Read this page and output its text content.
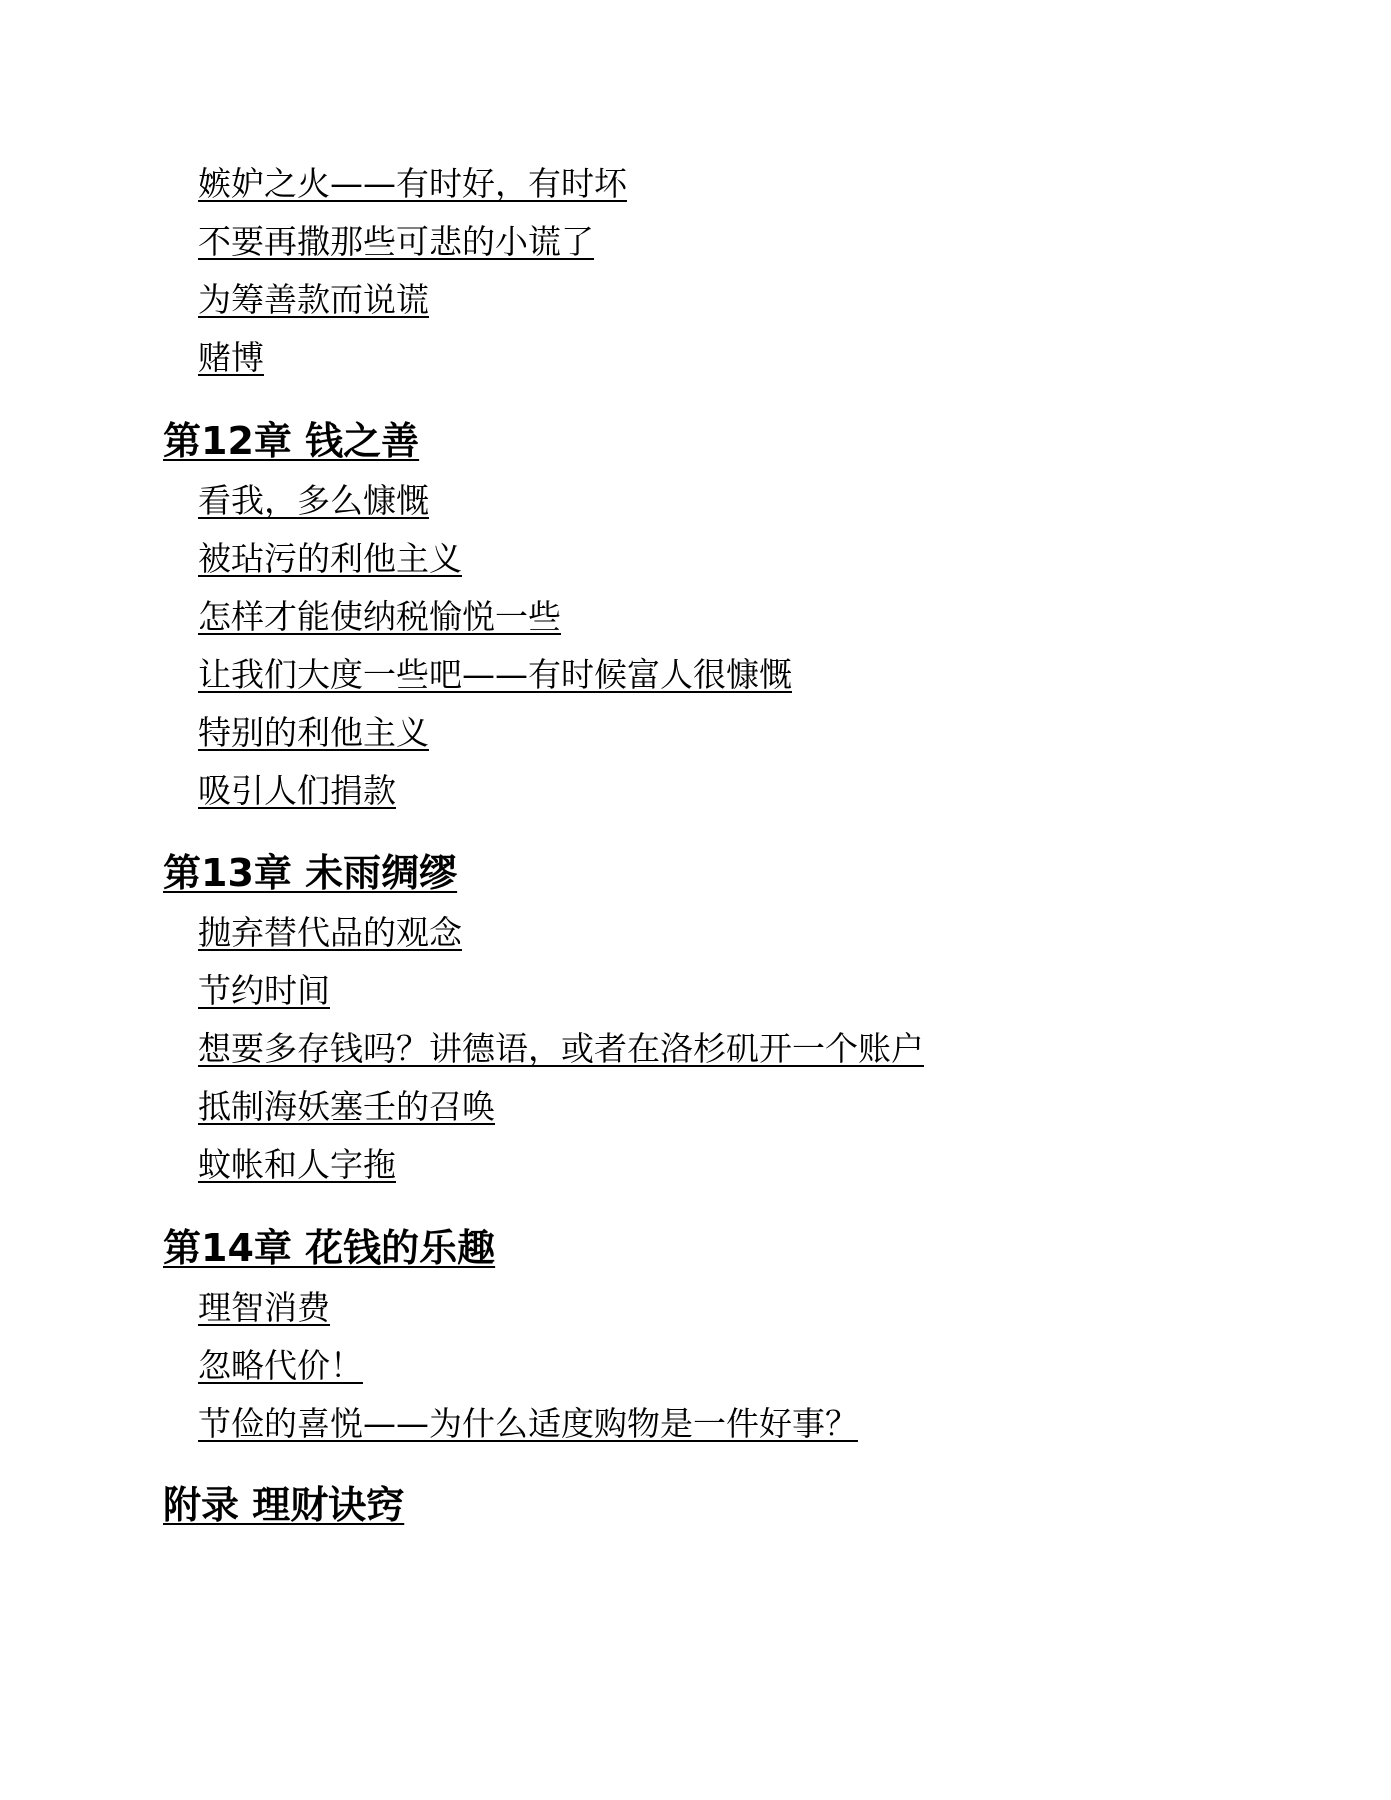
嫉妒之火——有时好，有时坏
不要再撒那些可悲的小谎了
为筹善款而说谎
赌博
第12章 钱之善
看我，多么慷慨
被玷污的利他主义
怎样才能使纳税愉悦一些
让我们大度一些吧——有时候富人很慷慨
特别的利他主义
吸引人们捐款
第13章 未雨绸缪
抛弃替代品的观念
节约时间
想要多存钱吗？讲德语，或者在洛杉矶开一个账户
抵制海妖塞壬的召唤
蚊帐和人字拖
第14章 花钱的乐趣
理智消费
忽略代价！
节俭的喜悦——为什么适度购物是一件好事？
附录 理财诀窍
